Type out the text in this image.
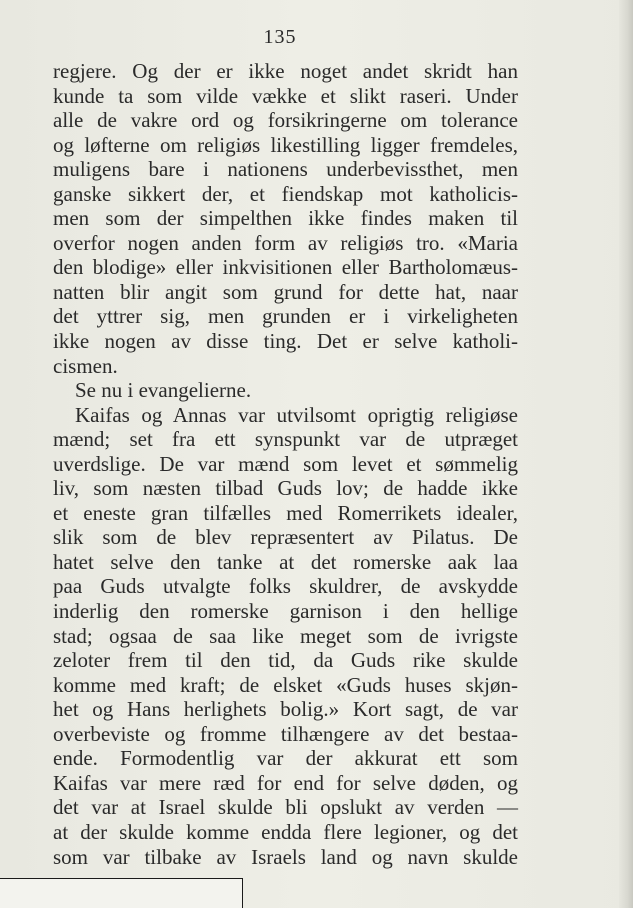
135
regjere. Og der er ikke noget andet skridt han
kunde ta som vilde vække et slikt raseri. Under
alle de vakre ord og forsikringerne om tolerance
og løfterne om religiøs likestilling ligger fremdeles,
muligens bare i nationens underbevissthet, men
ganske sikkert der, et fiendskap mot katholicis-
men som der simpelthen ikke findes maken til
overfor nogen anden form av religiøs tro. «Maria
den blodige» eller inkvisitionen eller Bartholomæus-
natten blir angit som grund for dette hat, naar
det yttrer sig, men grunden er i virkeligheten
ikke nogen av disse ting. Det er selve katholi-
cismen.
Se nu i evangelierne.
Kaifas og Annas var utvilsomt oprigtig religiøse
mænd; set fra ett synspunkt var de utpræget
uverdslige. De var mænd som levet et sømmelig
liv, som næsten tilbad Guds lov; de hadde ikke
et eneste gran tilfælles med Romerrikets idealer,
slik som de blev repræsentert av Pilatus. De
hatet selve den tanke at det romerske aak laa
paa Guds utvalgte folks skuldrer, de avskydde
inderlig den romerske garnison i den hellige
stad; ogsaa de saa like meget som de ivrigste
zeloter frem til den tid, da Guds rike skulde
komme med kraft; de elsket «Guds huses skjøn-
het og Hans herlighets bolig.» Kort sagt, de var
overbeviste og fromme tilhængere av det bestaa-
ende. Formodentlig var der akkurat ett som
Kaifas var mere ræd for end for selve døden, og
det var at Israel skulde bli opslukt av verden —
at der skulde komme endda flere legioner, og det
som var tilbake av Israels land og navn skulde
